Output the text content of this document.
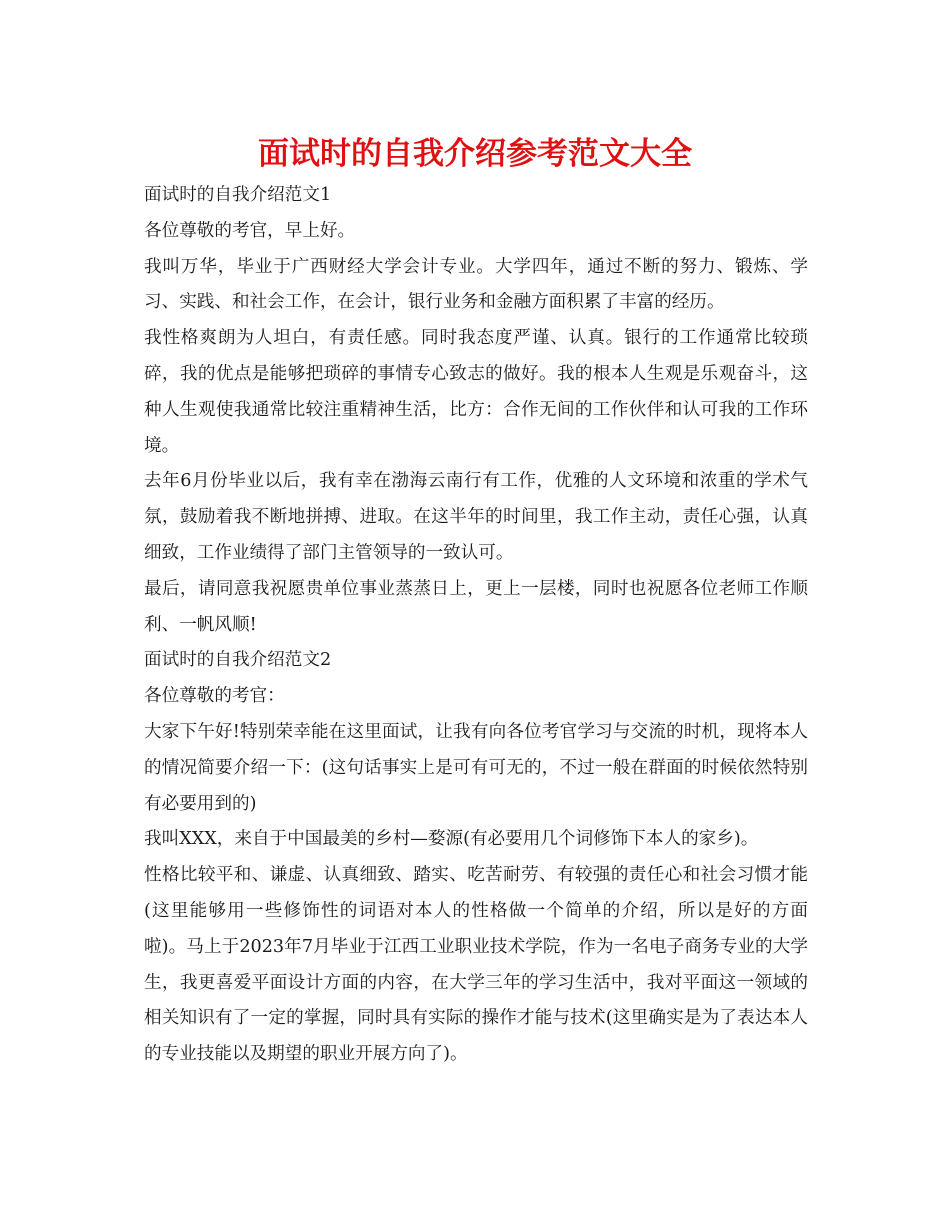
面试时的自我介绍参考范文大全

面试时的自我介绍范文1

各位尊敬的考官，早上好。

我叫万华，毕业于广西财经大学会计专业。大学四年，通过不断的努力、锻炼、学习、实践、和社会工作，在会计，银行业务和金融方面积累了丰富的经历。

我性格爽朗为人坦白，有责任感。同时我态度严谨、认真。银行的工作通常比较琐碎，我的优点是能够把琐碎的事情专心致志的做好。我的根本人生观是乐观奋斗，这种人生观使我通常比较注重精神生活，比方：合作无间的工作伙伴和认可我的工作环境。

去年6月份毕业以后，我有幸在渤海云南行有工作，优雅的人文环境和浓重的学术气氛，鼓励着我不断地拼搏、进取。在这半年的时间里，我工作主动，责任心强，认真细致，工作业绩得了部门主管领导的一致认可。

最后，请同意我祝愿贵单位事业蒸蒸日上，更上一层楼，同时也祝愿各位老师工作顺利、一帆风顺!

面试时的自我介绍范文2

各位尊敬的考官：

大家下午好!特别荣幸能在这里面试，让我有向各位考官学习与交流的时机，现将本人的情况简要介绍一下：(这句话事实上是可有可无的，不过一般在群面的时候依然特别有必要用到的)

我叫XXX，来自于中国最美的乡村—婺源(有必要用几个词修饰下本人的家乡)。

性格比较平和、谦虚、认真细致、踏实、吃苦耐劳、有较强的责任心和社会习惯才能(这里能够用一些修饰性的词语对本人的性格做一个简单的介绍，所以是好的方面啦)。马上于2023年7月毕业于江西工业职业技术学院，作为一名电子商务专业的大学生，我更喜爱平面设计方面的内容，在大学三年的学习生活中，我对平面这一领域的相关知识有了一定的掌握，同时具有实际的操作才能与技术(这里确实是为了表达本人的专业技能以及期望的职业开展方向了)。
